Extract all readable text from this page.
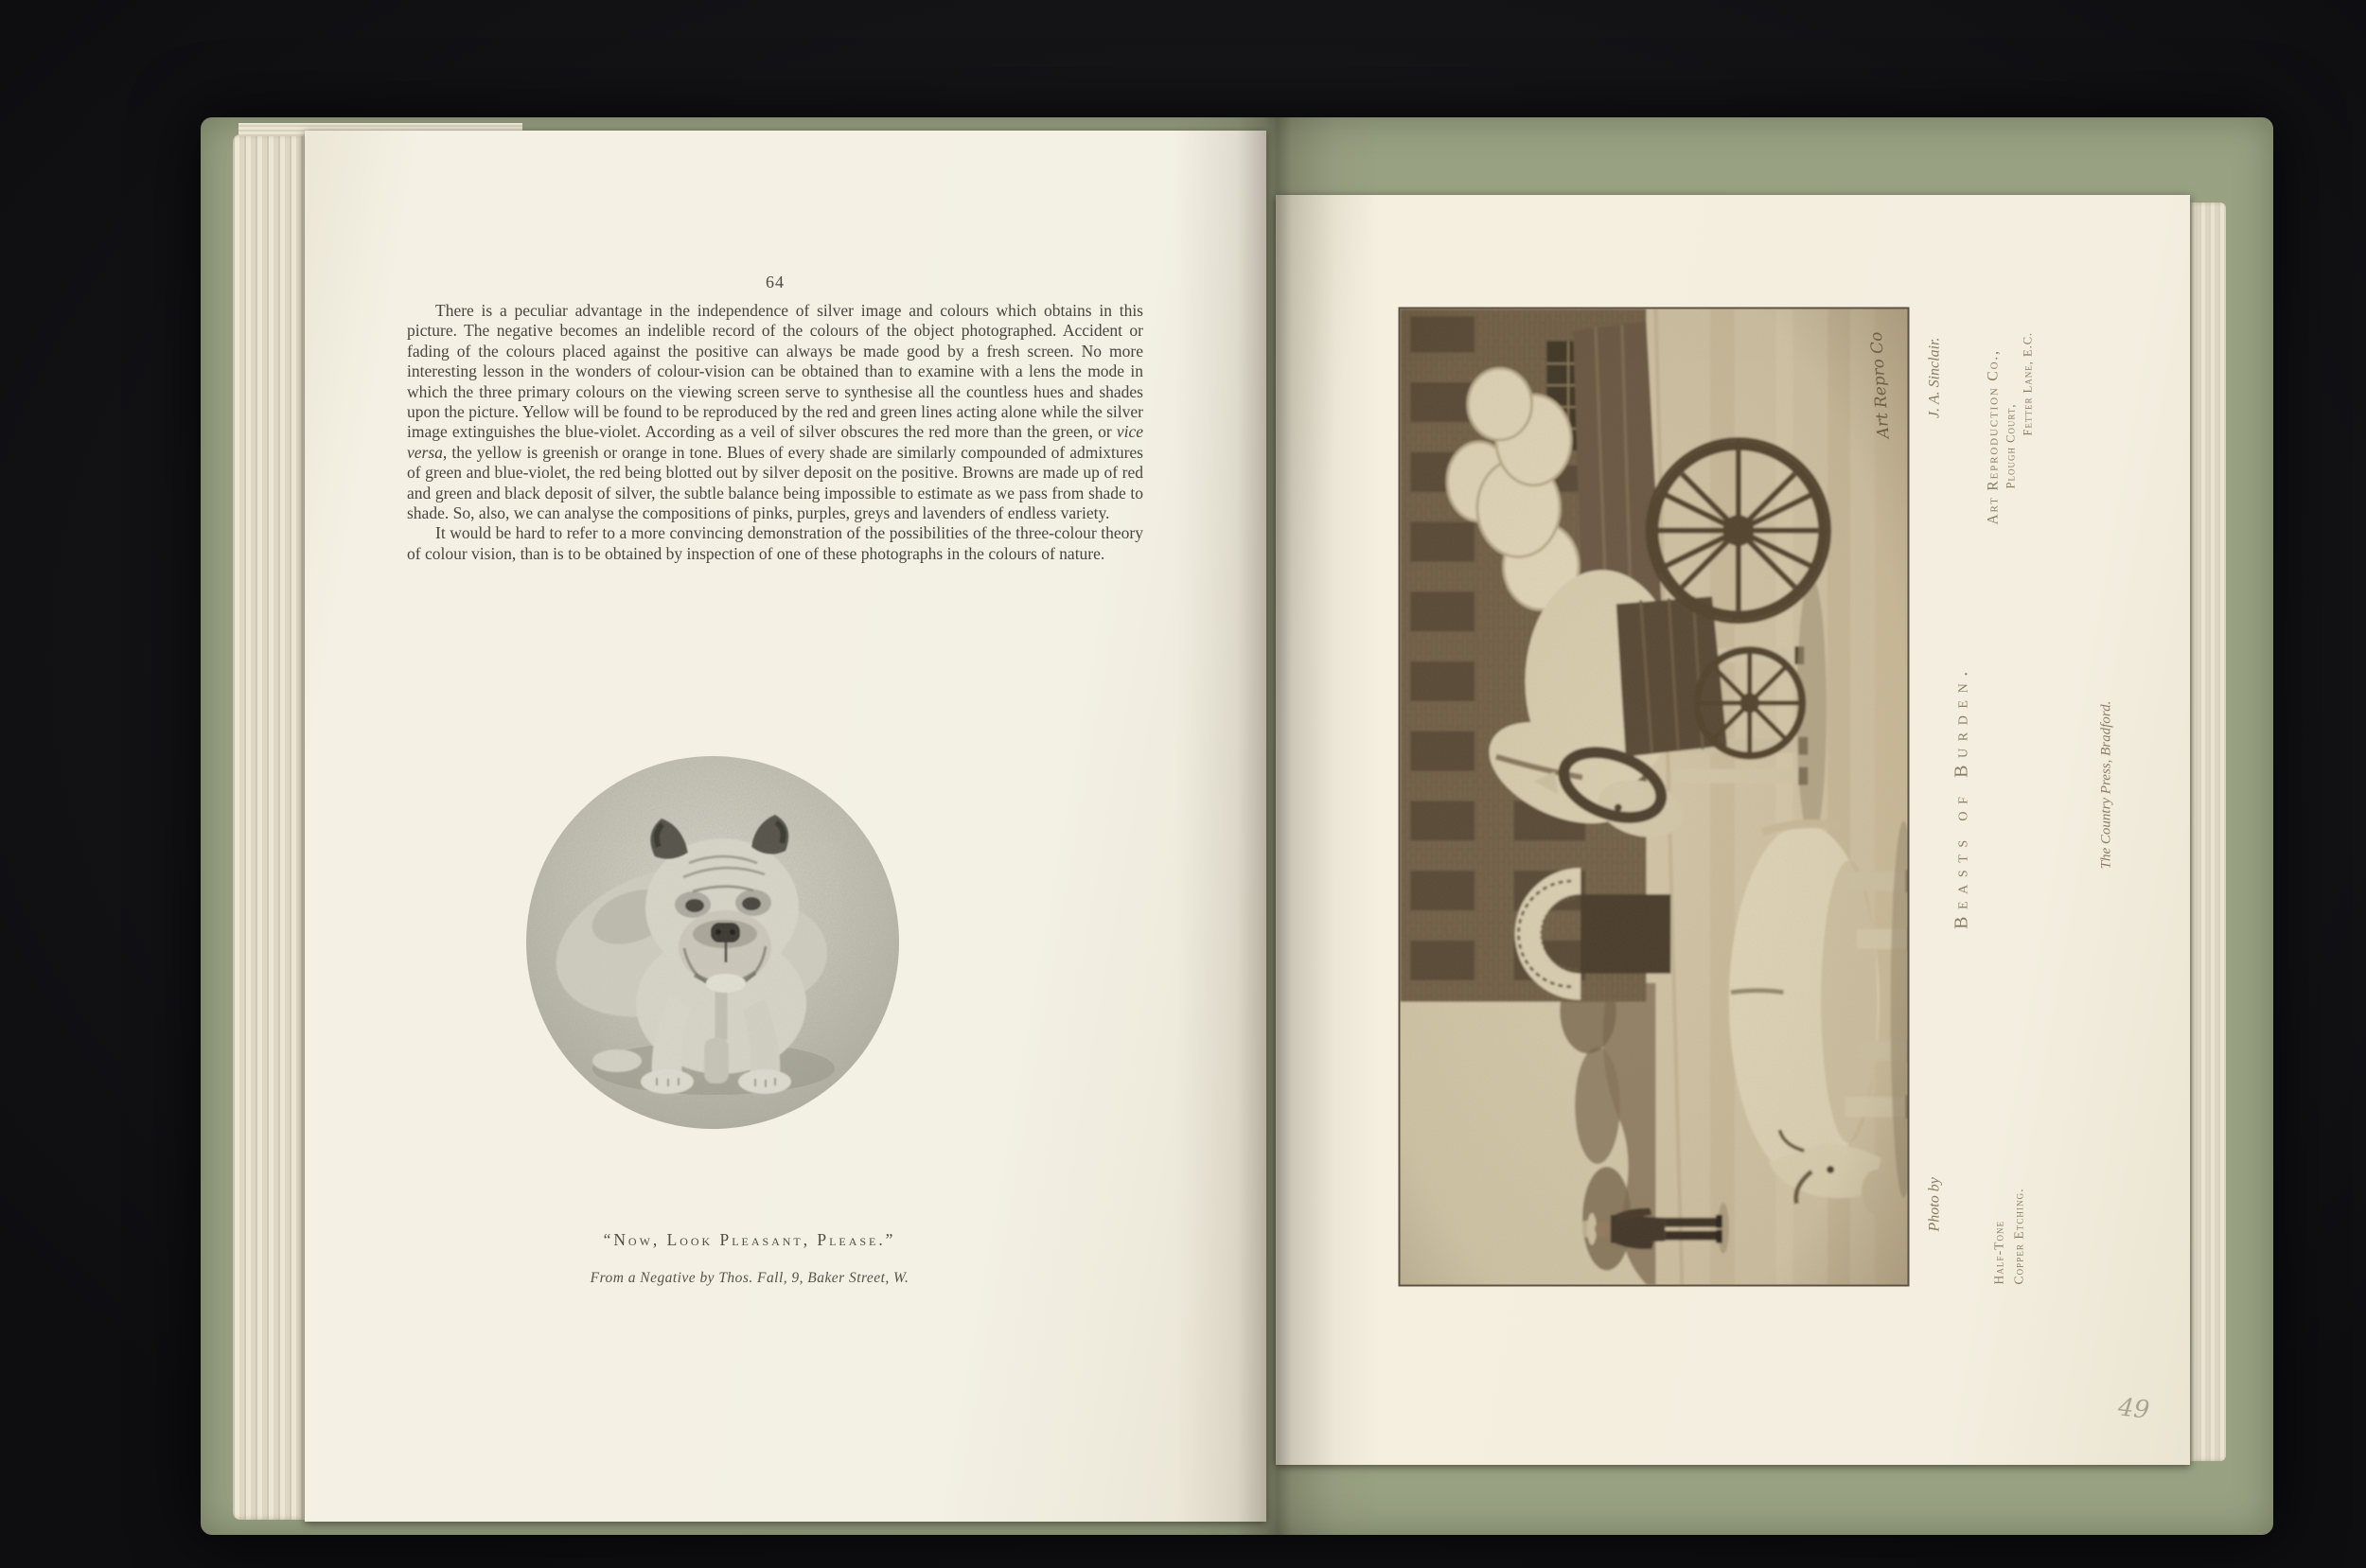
64

There is a peculiar advantage in the independence of silver image and colours which obtains in this picture. The negative becomes an indelible record of the colours of the object photographed. Accident or fading of the colours placed against the positive can always be made good by a fresh screen. No more interesting lesson in the wonders of colour-vision can be obtained than to examine with a lens the mode in which the three primary colours on the viewing screen serve to synthesise all the countless hues and shades upon the picture. Yellow will be found to be reproduced by the red and green lines acting alone while the silver image extinguishes the blue-violet. According as a veil of silver obscures the red more than the green, or vice versa, the yellow is greenish or orange in tone. Blues of every shade are similarly compounded of admixtures of green and blue-violet, the red being blotted out by silver deposit on the positive. Browns are made up of red and green and black deposit of silver, the subtle balance being impossible to estimate as we pass from shade to shade. So, also, we can analyse the compositions of pinks, purples, greys and lavenders of endless variety.

It would be hard to refer to a more convincing demonstration of the possibilities of the three-colour theory of colour vision, than is to be obtained by inspection of one of these photographs in the colours of nature.

“Now, Look Pleasant, Please.”
From a Negative by Thos. Fall, 9, Baker Street, W.
Art Repro Co
Photo by
J. A. Sinclair.
Half-Tone Copper Etching.
Art Reproduction Co., Plough Court,
Fetter Lane, E.C.
Beasts of Burden.	The Country Press, Bradford.
49
